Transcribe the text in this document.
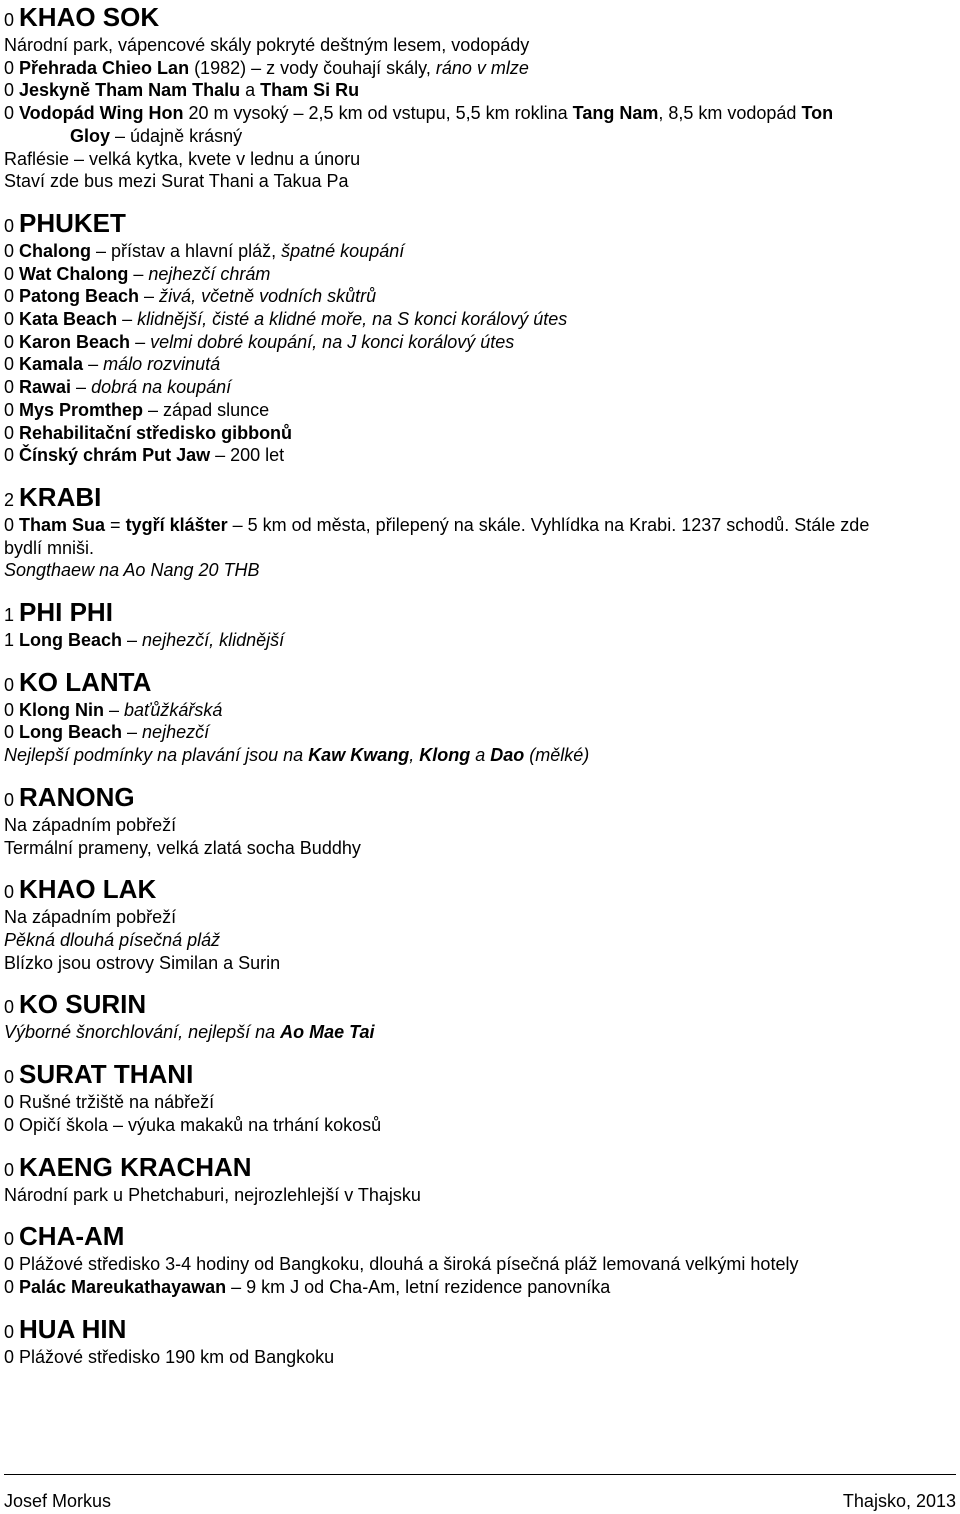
0 KHAO SOK
Národní park, vápencové skály pokryté deštným lesem, vodopády
0 Přehrada Chieo Lan (1982) – z vody čouhají skály, ráno v mlze
0 Jeskyně Tham Nam Thalu a Tham Si Ru
0 Vodopád Wing Hon 20 m vysoký – 2,5 km od vstupu, 5,5 km roklina Tang Nam, 8,5 km vodopád Ton
Gloy – údajně krásný
Raflésie – velká kytka, kvete v lednu a únoru
Staví zde bus mezi Surat Thani a Takua Pa
0 PHUKET
0 Chalong – přístav a hlavní pláž, špatné koupání
0 Wat Chalong – nejhezčí chrám
0 Patong Beach – živá, včetně vodních skůtrů
0 Kata Beach – klidnější, čisté a klidné moře, na S konci korálový útes
0 Karon Beach – velmi dobré koupání, na J konci korálový útes
0 Kamala – málo rozvinutá
0 Rawai – dobrá na koupání
0 Mys Promthep – západ slunce
0 Rehabilitační středisko gibbonů
0 Čínský chrám Put Jaw – 200 let
2 KRABI
0 Tham Sua = tygří klášter – 5 km od města, přilepený na skále. Vyhlídka na Krabi. 1237 schodů. Stále zde
bydlí mniši.
Songthaew na Ao Nang 20 THB
1 PHI PHI
1 Long Beach – nejhezčí, klidnější
0 KO LANTA
0 Klong Nin – baťůžkářská
0 Long Beach – nejhezčí
Nejlepší podmínky na plavání jsou na Kaw Kwang, Klong a Dao (mělké)
0 RANONG
Na západním pobřeží
Termální prameny, velká zlatá socha Buddhy
0 KHAO LAK
Na západním pobřeží
Pěkná dlouhá písečná pláž
Blízko jsou ostrovy Similan a Surin
0 KO SURIN
Výborné šnorchlování, nejlepší na Ao Mae Tai
0 SURAT THANI
0 Rušné tržiště na nábřeží
0 Opičí škola – výuka makaků na trhání kokosů
0 KAENG KRACHAN
Národní park u Phetchaburi, nejrozlehlejší v Thajsku
0 CHA-AM
0 Plážové středisko 3-4 hodiny od Bangkoku, dlouhá a široká písečná pláž lemovaná velkými hotely
0 Palác Mareukathayawan – 9 km J od Cha-Am, letní rezidence panovníka
0 HUA HIN
0 Plážové středisko 190 km od Bangkoku
Josef Morkus	Thajsko, 2013
